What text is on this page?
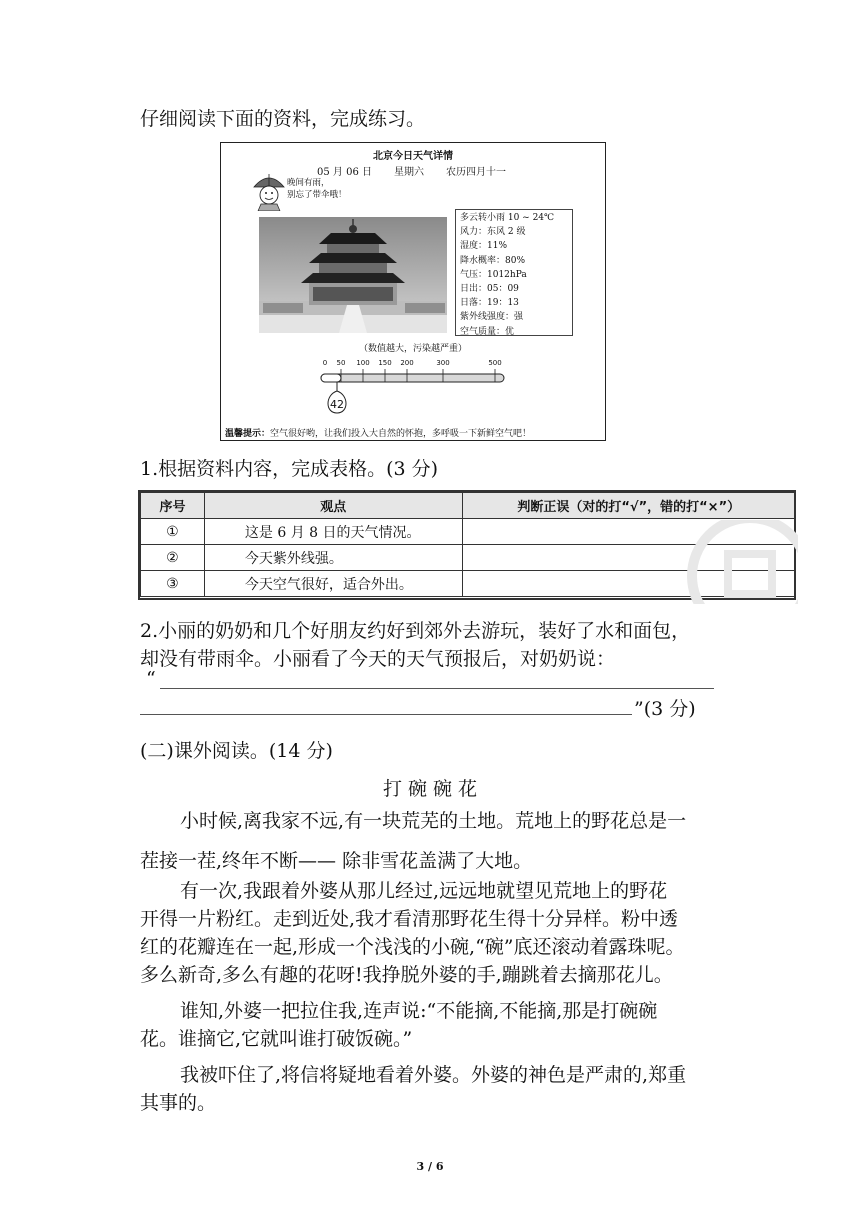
仔细阅读下面的资料，完成练习。
北京今日天气详情
05 月 06 日 星期六 农历四月十一
晚间有雨，
别忘了带伞哦！
多云转小雨 10 ~ 24℃
风力：东风 2 级
湿度：11%
降水概率：80%
气压：1012hPa
日出：05：09
日落：19：13
紫外线强度：强
空气质量：优
（数值越大，污染越严重）
0 50 100 150 200	300	500
42
温馨提示：空气很好哟，让我们投入大自然的怀抱，多呼吸一下新鲜空气吧！
1.根据资料内容，完成表格。(3 分)
序号	观点	判断正误（对的打“√”，错的打“×”）
①	这是 6 月 8 日的天气情况。	
②	今天紫外线强。	
③	今天空气很好，适合外出。	
2.小丽的奶奶和几个好朋友约好到郊外去游玩，装好了水和面包，
却没有带雨伞。小丽看了今天的天气预报后，对奶奶说：
“
”(3 分)
(二)课外阅读。(14 分)
打 碗 碗 花
小时候,离我家不远,有一块荒芜的土地。荒地上的野花总是一
茬接一茬,终年不断—— 除非雪花盖满了大地。
有一次,我跟着外婆从那儿经过,远远地就望见荒地上的野花
开得一片粉红。走到近处,我才看清那野花生得十分异样。粉中透
红的花瓣连在一起,形成一个浅浅的小碗,“碗”底还滚动着露珠呢。
多么新奇,多么有趣的花呀!我挣脱外婆的手,蹦跳着去摘那花儿。
谁知,外婆一把拉住我,连声说:“不能摘,不能摘,那是打碗碗
花。谁摘它,它就叫谁打破饭碗。”
我被吓住了,将信将疑地看着外婆。外婆的神色是严肃的,郑重
其事的。
3 / 6
